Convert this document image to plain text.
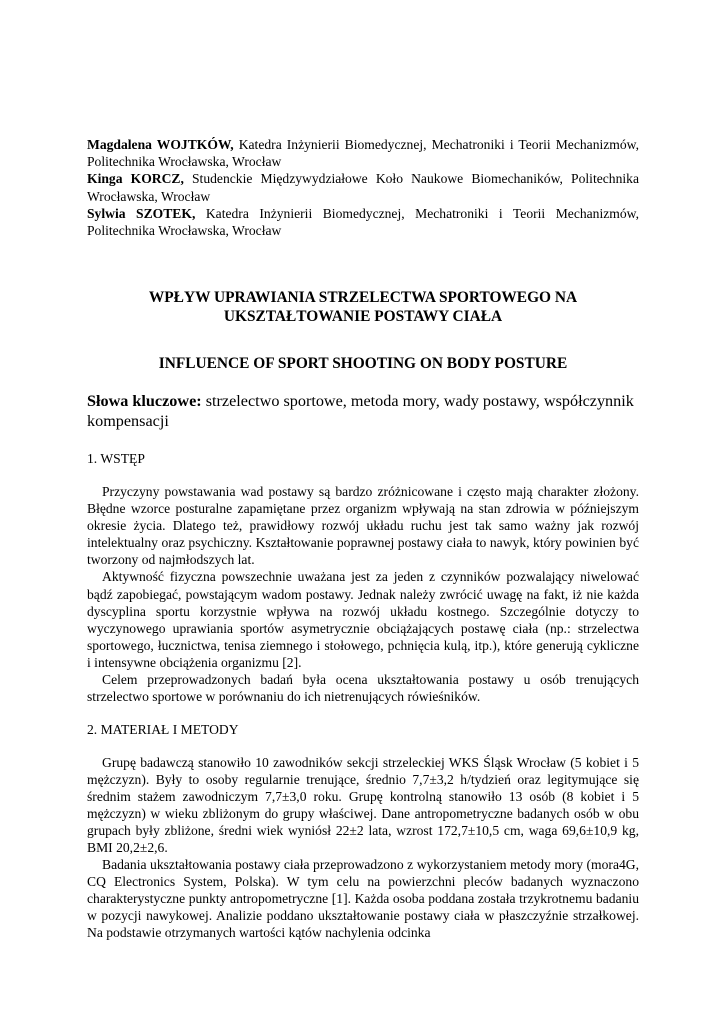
Magdalena WOJTKÓW, Katedra Inżynierii Biomedycznej, Mechatroniki i Teorii Mechanizmów, Politechnika Wrocławska, Wrocław

Kinga KORCZ, Studenckie Międzywydziałowe Koło Naukowe Biomechaników, Politechnika Wrocławska, Wrocław

Sylwia SZOTEK, Katedra Inżynierii Biomedycznej, Mechatroniki i Teorii Mechanizmów, Politechnika Wrocławska, Wrocław

WPŁYW UPRAWIANIA STRZELECTWA SPORTOWEGO NA
UKSZTAŁTOWANIE POSTAWY CIAŁA
INFLUENCE OF SPORT SHOOTING ON BODY POSTURE

Słowa kluczowe: strzelectwo sportowe, metoda mory, wady postawy, współczynnik kompensacji

1. WSTĘP

Przyczyny powstawania wad postawy są bardzo zróżnicowane i często mają charakter złożony. Błędne wzorce posturalne zapamiętane przez organizm wpływają na stan zdrowia w późniejszym okresie życia. Dlatego też, prawidłowy rozwój układu ruchu jest tak samo ważny jak rozwój intelektualny oraz psychiczny. Kształtowanie poprawnej postawy ciała to nawyk, który powinien być tworzony od najmłodszych lat.

Aktywność fizyczna powszechnie uważana jest za jeden z czynników pozwalający niwelować bądź zapobiegać, powstającym wadom postawy. Jednak należy zwrócić uwagę na fakt, iż nie każda dyscyplina sportu korzystnie wpływa na rozwój układu kostnego. Szczególnie dotyczy to wyczynowego uprawiania sportów asymetrycznie obciążających postawę ciała (np.: strzelectwa sportowego, łucznictwa, tenisa ziemnego i stołowego, pchnięcia kulą, itp.), które generują cykliczne i intensywne obciążenia organizmu [2].

Celem przeprowadzonych badań była ocena ukształtowania postawy u osób trenujących strzelectwo sportowe w porównaniu do ich nietrenujących rówieśników.

2. MATERIAŁ I METODY

Grupę badawczą stanowiło 10 zawodników sekcji strzeleckiej WKS Śląsk Wrocław (5 kobiet i 5 mężczyzn). Były to osoby regularnie trenujące, średnio 7,7±3,2 h/tydzień oraz legitymujące się średnim stażem zawodniczym 7,7±3,0 roku. Grupę kontrolną stanowiło 13 osób (8 kobiet i 5 mężczyzn) w wieku zbliżonym do grupy właściwej. Dane antropometryczne badanych osób w obu grupach były zbliżone, średni wiek wyniósł 22±2 lata, wzrost 172,7±10,5 cm, waga 69,6±10,9 kg, BMI 20,2±2,6.

Badania ukształtowania postawy ciała przeprowadzono z wykorzystaniem metody mory (mora4G, CQ Electronics System, Polska). W tym celu na powierzchni pleców badanych wyznaczono charakterystyczne punkty antropometryczne [1]. Każda osoba poddana została trzykrotnemu badaniu w pozycji nawykowej. Analizie poddano ukształtowanie postawy ciała w płaszczyźnie strzałkowej. Na podstawie otrzymanych wartości kątów nachylenia odcinka
